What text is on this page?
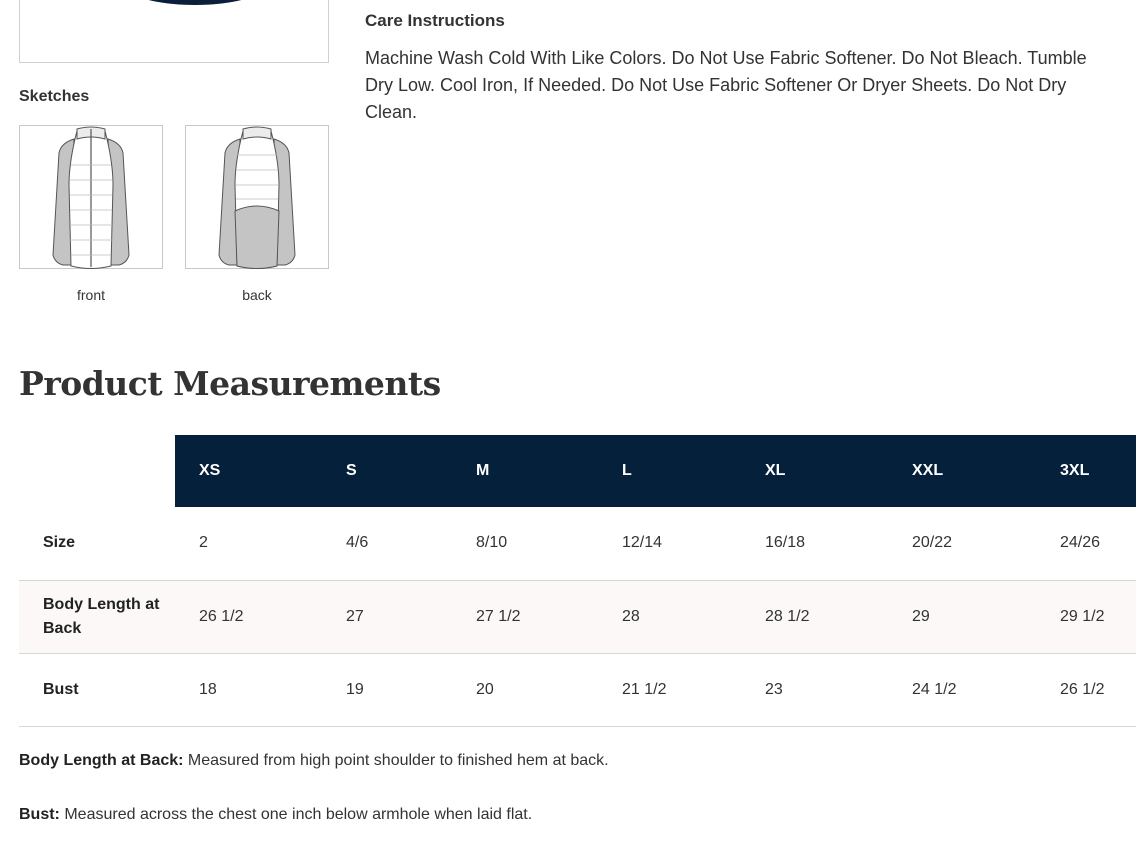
Sketches
front	back
Care Instructions
Machine Wash Cold With Like Colors. Do Not Use Fabric Softener. Do Not Bleach. Tumble Dry Low. Cool Iron, If Needed. Do Not Use Fabric Softener Or Dryer Sheets. Do Not Dry Clean.
Product Measurements
	XS	S	M	L	XL	XXL	3XL
Size	2	4/6	8/10	12/14	16/18	20/22	24/26
Body Length at Back	26 1/2	27	27 1/2	28	28 1/2	29	29 1/2
Bust	18	19	20	21 1/2	23	24 1/2	26 1/2

Body Length at Back: Measured from high point shoulder to finished hem at back.

Bust: Measured across the chest one inch below armhole when laid flat.
